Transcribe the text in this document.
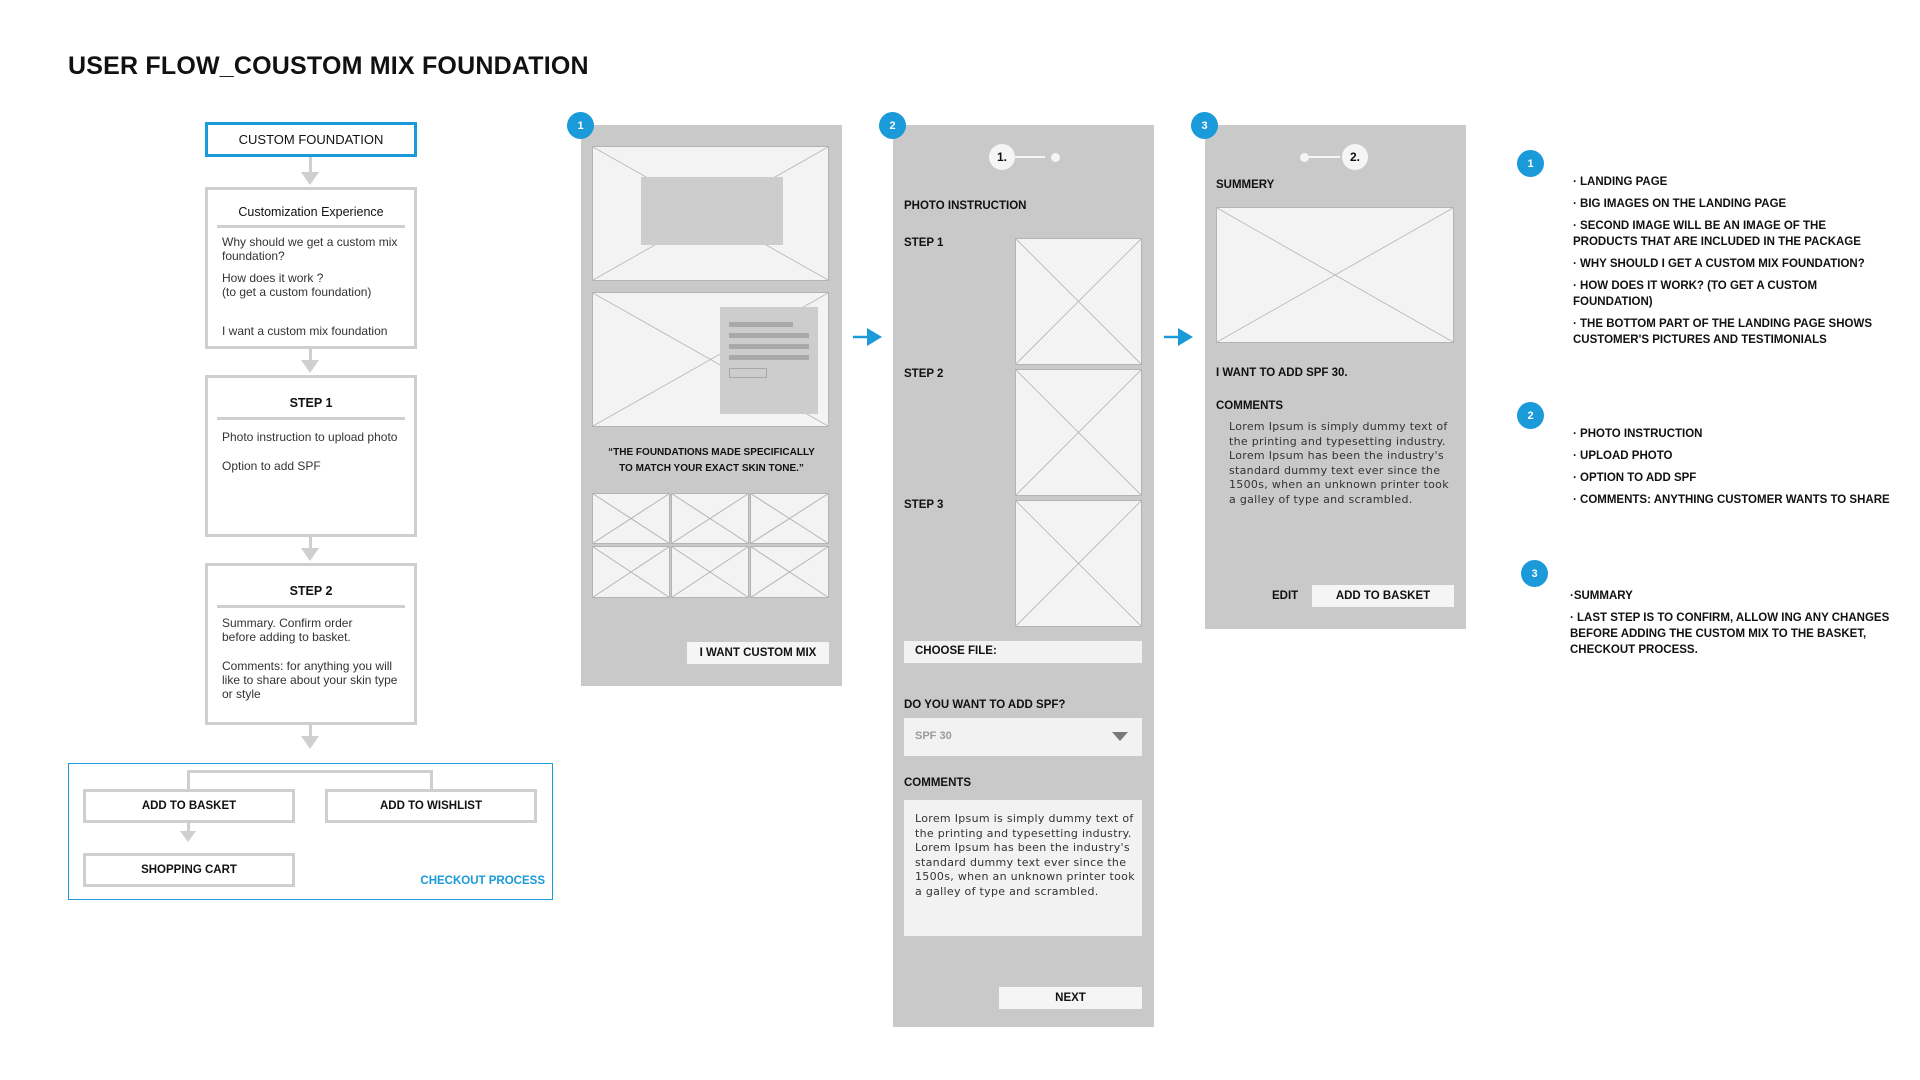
USER FLOW_COUSTOM MIX FOUNDATION
CUSTOM FOUNDATION
Customization Experience
Why should we get a custom mix foundation?
How does it work ?
(to get a custom foundation)
I want a custom mix foundation
STEP 1
Photo instruction to upload photo
Option to add SPF
STEP 2
Summary. Confirm order
before adding to basket.
Comments: for anything you will
like to share about your skin type
or style
ADD TO BASKET	ADD TO WISHLIST
SHOPPING CART
CHECKOUT PROCESS
“THE FOUNDATIONS MADE SPECIFICALLY
TO MATCH YOUR EXACT SKIN TONE.”
I WANT CUSTOM MIX
1
1.
PHOTO INSTRUCTION
STEP 1
STEP 2
STEP 3
CHOOSE FILE:
DO YOU WANT TO ADD SPF?
SPF 30
COMMENTS
Lorem Ipsum is simply dummy text of the printing and typesetting industry. Lorem Ipsum has been the industry's standard dummy text ever since the 1500s, when an unknown printer took a galley of type and scrambled.
NEXT
2
2.
SUMMERY
I WANT TO ADD SPF 30.
COMMENTS
Lorem Ipsum is simply dummy text of the printing and typesetting industry. Lorem Ipsum has been the industry's standard dummy text ever since the 1500s, when an unknown printer took a galley of type and scrambled.
EDIT	ADD TO BASKET
3
1
· LANDING PAGE
· BIG IMAGES ON THE LANDING PAGE
· SECOND IMAGE WILL BE AN IMAGE OF THE PRODUCTS THAT ARE INCLUDED IN THE PACKAGE
· WHY SHOULD I GET A CUSTOM MIX FOUNDATION?
· HOW DOES IT WORK? (TO GET A CUSTOM FOUNDATION)
· THE BOTTOM PART OF THE LANDING PAGE SHOWS CUSTOMER'S PICTURES AND TESTIMONIALS
2
· PHOTO INSTRUCTION
· UPLOAD PHOTO
· OPTION TO ADD SPF
· COMMENTS: ANYTHING CUSTOMER WANTS TO SHARE
3
·SUMMARY
· LAST STEP IS TO CONFIRM, ALLOW ING ANY CHANGES BEFORE ADDING THE CUSTOM MIX TO THE BASKET, CHECKOUT PROCESS.
